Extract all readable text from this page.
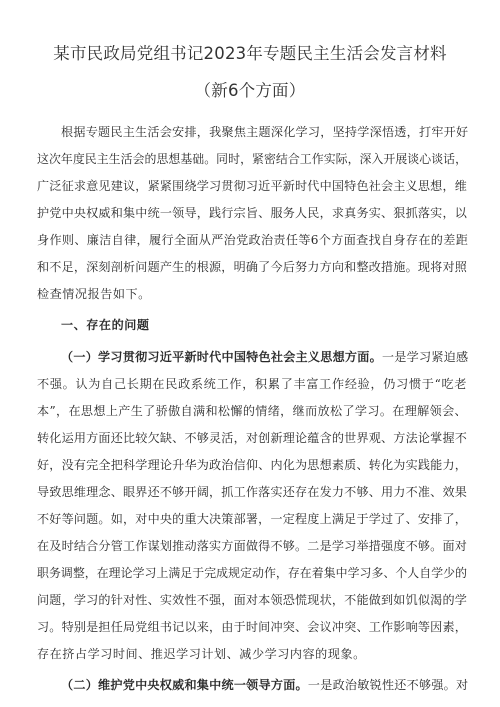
某市民政局党组书记2023年专题民主生活会发言材料
（新6个方面）
根据专题民主生活会安排，我聚焦主题深化学习，坚持学深悟透，打牢开好
这次年度民主生活会的思想基础。同时，紧密结合工作实际，深入开展谈心谈话，
广泛征求意见建议，紧紧围绕学习贯彻习近平新时代中国特色社会主义思想，维
护党中央权威和集中统一领导，践行宗旨、服务人民，求真务实、狠抓落实，以
身作则、廉洁自律，履行全面从严治党政治责任等6个方面查找自身存在的差距
和不足，深刻剖析问题产生的根源，明确了今后努力方向和整改措施。现将对照
检查情况报告如下。
一、存在的问题
（一）学习贯彻习近平新时代中国特色社会主义思想方面。一是学习紧迫感
不强。认为自己长期在民政系统工作，积累了丰富工作经验，仍习惯于“吃老
本”，在思想上产生了骄傲自满和松懈的情绪，继而放松了学习。在理解领会、
转化运用方面还比较欠缺、不够灵活，对创新理论蕴含的世界观、方法论掌握不
好，没有完全把科学理论升华为政治信仰、内化为思想素质、转化为实践能力，
导致思维理念、眼界还不够开阔，抓工作落实还存在发力不够、用力不准、效果
不好等问题。如，对中央的重大决策部署，一定程度上满足于学过了、安排了，
在及时结合分管工作谋划推动落实方面做得不够。二是学习举措强度不够。面对
职务调整，在理论学习上满足于完成规定动作，存在着集中学习多、个人自学少的
问题，学习的针对性、实效性不强，面对本领恐慌现状，不能做到如饥似渴的学
习。特别是担任局党组书记以来，由于时间冲突、会议冲突、工作影响等因素，
存在挤占学习时间、推迟学习计划、减少学习内容的现象。
（二）维护党中央权威和集中统一领导方面。一是政治敏锐性还不够强。对
